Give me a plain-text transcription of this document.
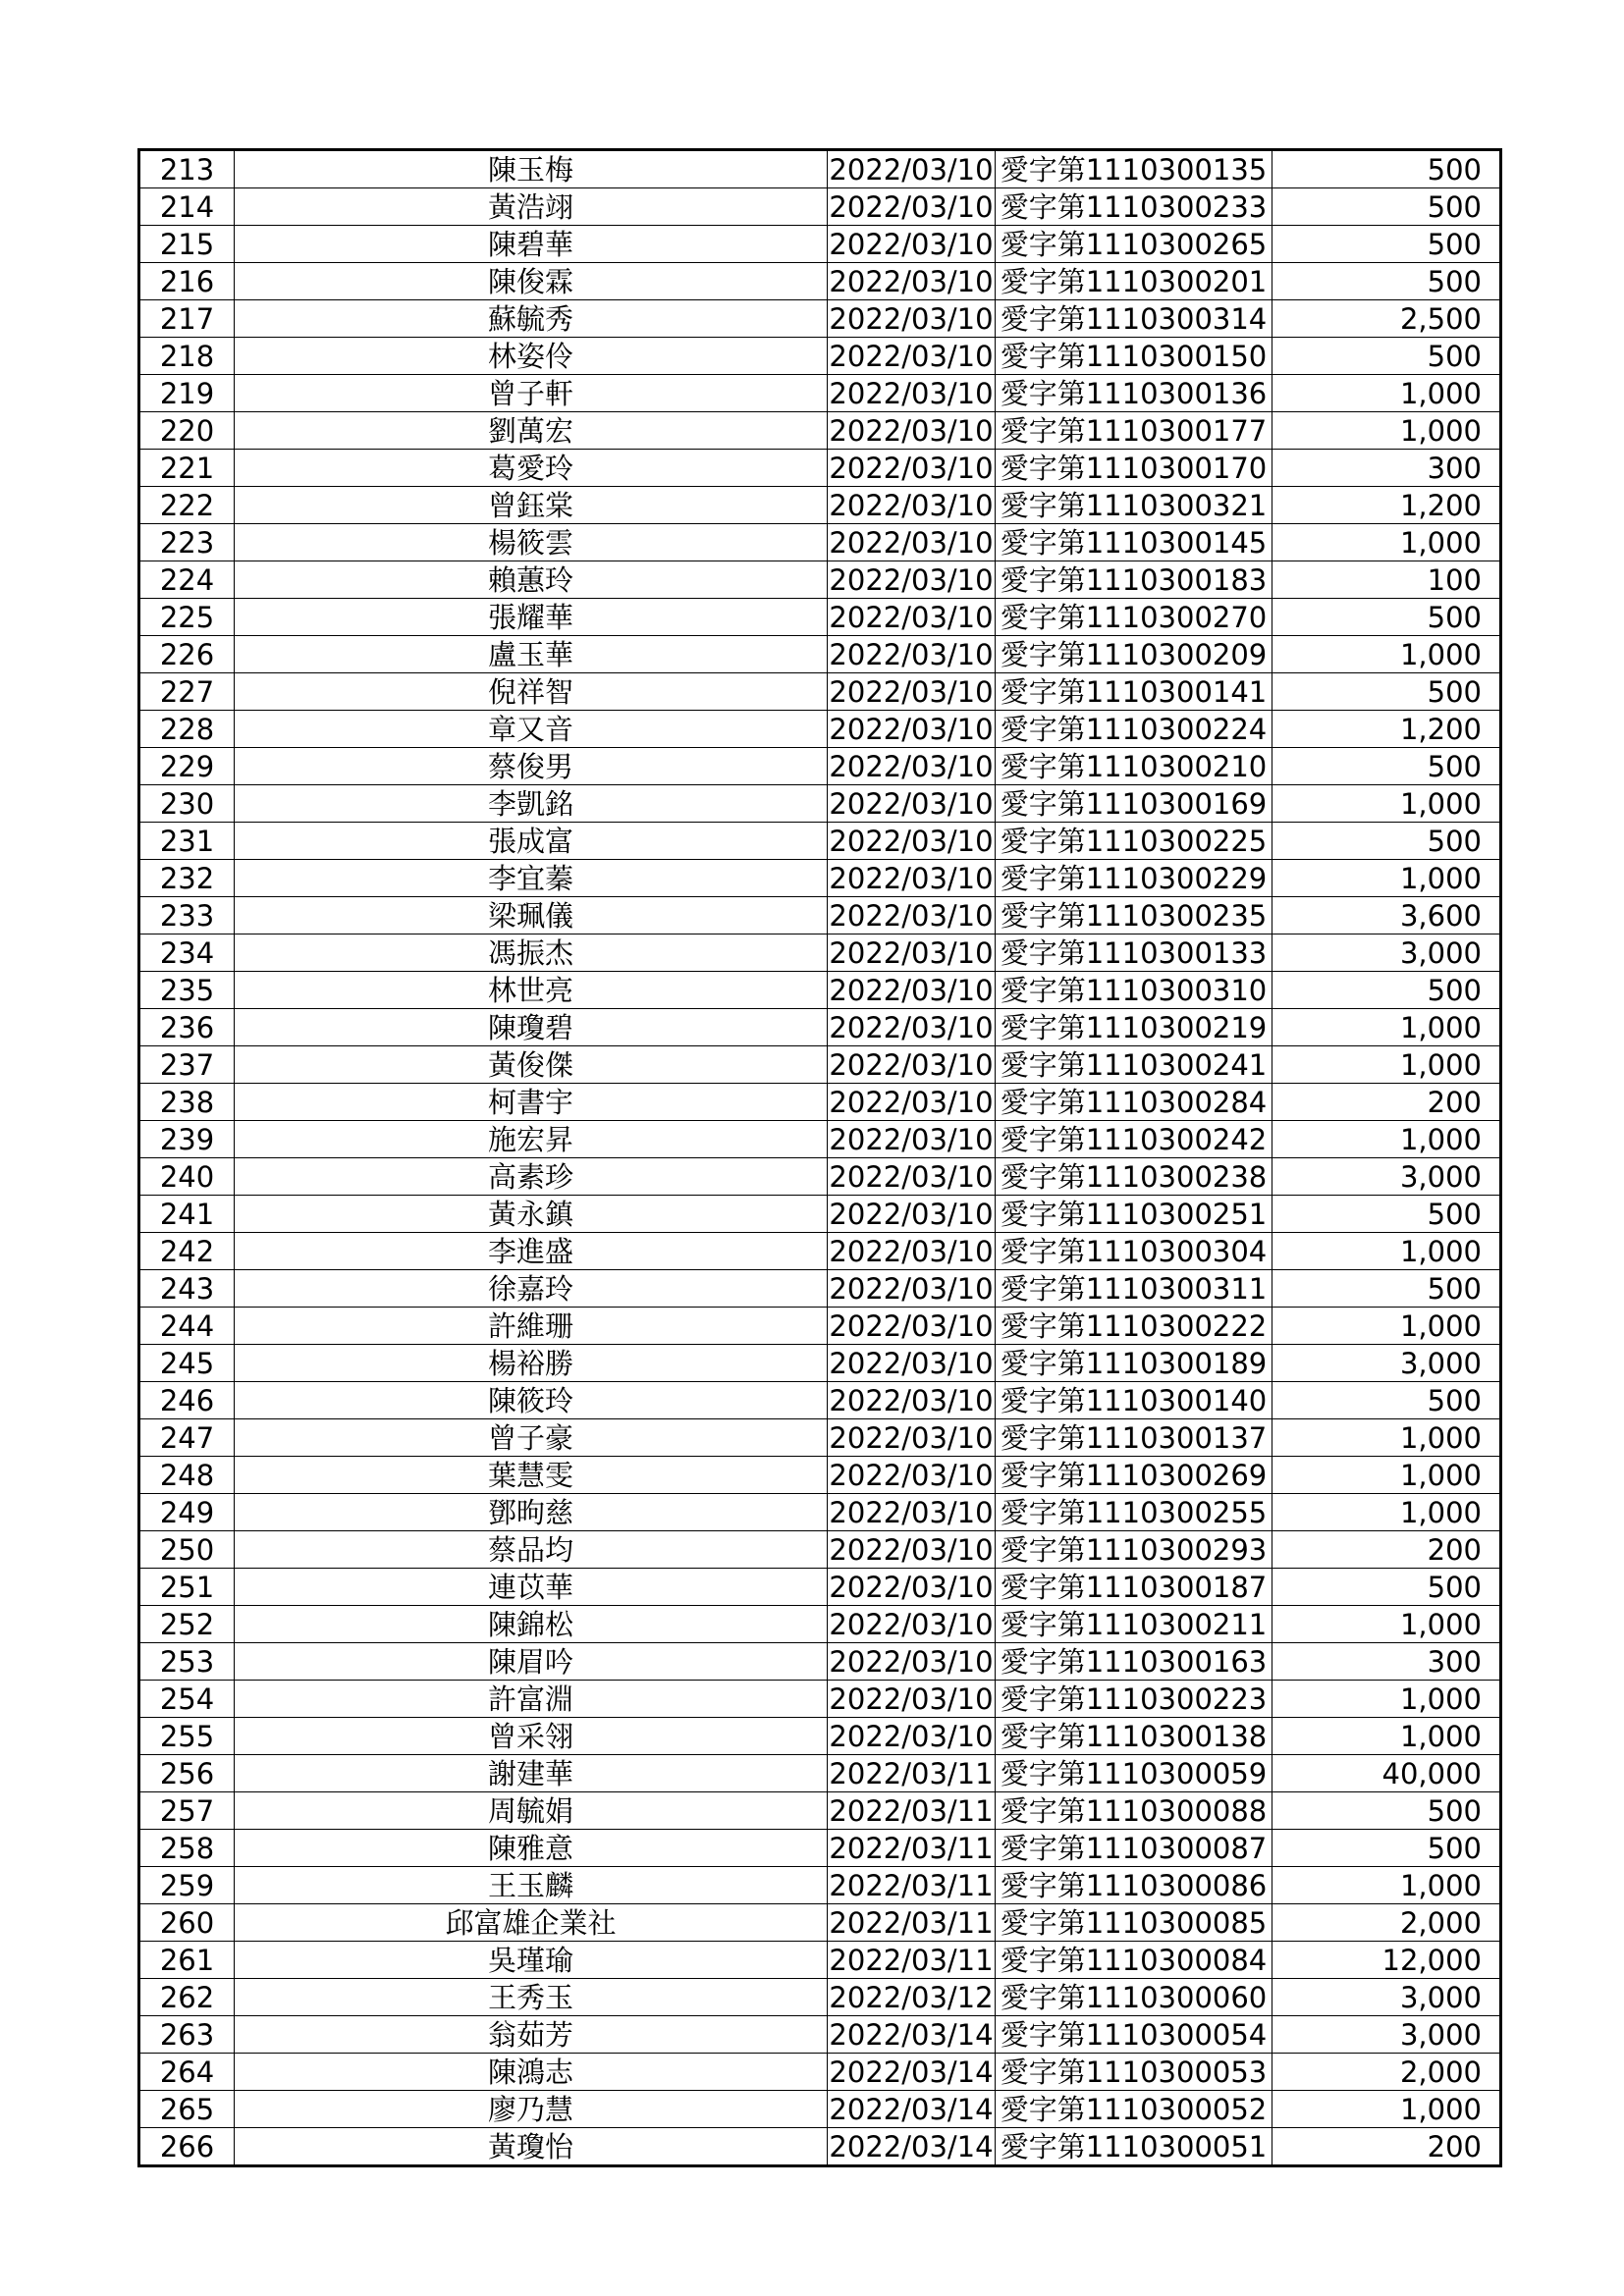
213	陳玉梅	2022/03/10	愛字第1110300135	500
214	黃浩翊	2022/03/10	愛字第1110300233	500
215	陳碧華	2022/03/10	愛字第1110300265	500
216	陳俊霖	2022/03/10	愛字第1110300201	500
217	蘇毓秀	2022/03/10	愛字第1110300314	2,500
218	林姿伶	2022/03/10	愛字第1110300150	500
219	曾子軒	2022/03/10	愛字第1110300136	1,000
220	劉萬宏	2022/03/10	愛字第1110300177	1,000
221	葛愛玲	2022/03/10	愛字第1110300170	300
222	曾鈺棠	2022/03/10	愛字第1110300321	1,200
223	楊筱雲	2022/03/10	愛字第1110300145	1,000
224	賴蕙玲	2022/03/10	愛字第1110300183	100
225	張耀華	2022/03/10	愛字第1110300270	500
226	盧玉華	2022/03/10	愛字第1110300209	1,000
227	倪祥智	2022/03/10	愛字第1110300141	500
228	章又音	2022/03/10	愛字第1110300224	1,200
229	蔡俊男	2022/03/10	愛字第1110300210	500
230	李凱銘	2022/03/10	愛字第1110300169	1,000
231	張成富	2022/03/10	愛字第1110300225	500
232	李宜蓁	2022/03/10	愛字第1110300229	1,000
233	梁珮儀	2022/03/10	愛字第1110300235	3,600
234	馮振杰	2022/03/10	愛字第1110300133	3,000
235	林世亮	2022/03/10	愛字第1110300310	500
236	陳瓊碧	2022/03/10	愛字第1110300219	1,000
237	黃俊傑	2022/03/10	愛字第1110300241	1,000
238	柯書宇	2022/03/10	愛字第1110300284	200
239	施宏昇	2022/03/10	愛字第1110300242	1,000
240	高素珍	2022/03/10	愛字第1110300238	3,000
241	黃永鎮	2022/03/10	愛字第1110300251	500
242	李進盛	2022/03/10	愛字第1110300304	1,000
243	徐嘉玲	2022/03/10	愛字第1110300311	500
244	許維珊	2022/03/10	愛字第1110300222	1,000
245	楊裕勝	2022/03/10	愛字第1110300189	3,000
246	陳筱玲	2022/03/10	愛字第1110300140	500
247	曾子豪	2022/03/10	愛字第1110300137	1,000
248	葉慧雯	2022/03/10	愛字第1110300269	1,000
249	鄧昫慈	2022/03/10	愛字第1110300255	1,000
250	蔡品均	2022/03/10	愛字第1110300293	200
251	連苡華	2022/03/10	愛字第1110300187	500
252	陳錦松	2022/03/10	愛字第1110300211	1,000
253	陳眉吟	2022/03/10	愛字第1110300163	300
254	許富淵	2022/03/10	愛字第1110300223	1,000
255	曾采翎	2022/03/10	愛字第1110300138	1,000
256	謝建華	2022/03/11	愛字第1110300059	40,000
257	周毓娟	2022/03/11	愛字第1110300088	500
258	陳雅意	2022/03/11	愛字第1110300087	500
259	王玉麟	2022/03/11	愛字第1110300086	1,000
260	邱富雄企業社	2022/03/11	愛字第1110300085	2,000
261	吳瑾瑜	2022/03/11	愛字第1110300084	12,000
262	王秀玉	2022/03/12	愛字第1110300060	3,000
263	翁茹芳	2022/03/14	愛字第1110300054	3,000
264	陳鴻志	2022/03/14	愛字第1110300053	2,000
265	廖乃慧	2022/03/14	愛字第1110300052	1,000
266	黃瓊怡	2022/03/14	愛字第1110300051	200
